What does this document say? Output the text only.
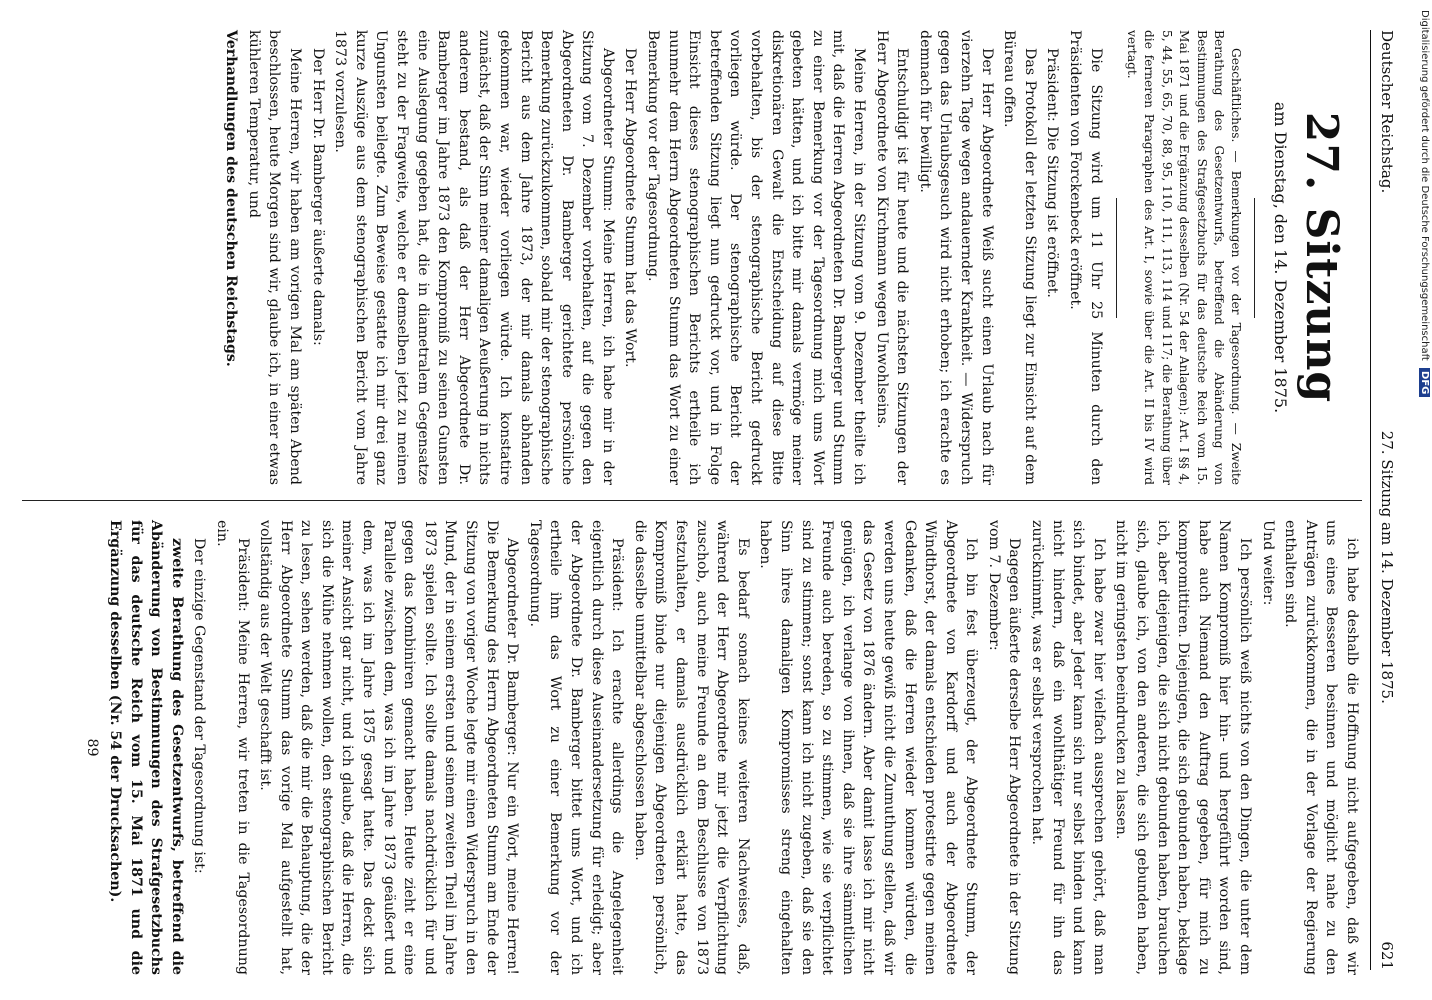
Deutscher Reichstag.
27. Sitzung am 14. Dezember 1875.
621
27. Sitzung
am Dienstag, den 14. Dezember 1875.

Geschäftliches. — Bemerkungen vor der Tagesordnung. — Zweite Berathung des Gesetzentwurfs, betreffend die Abänderung von Bestimmungen des Strafgesetzbuchs für das deutsche Reich vom 15. Mai 1871 und die Ergänzung desselben (Nr. 54 der Anlagen): Art. I §§ 4, 5, 44, 55, 65, 70, 88, 95, 110, 111, 113, 114 und 117; die Berathung über die ferneren Paragraphen des Art. I, sowie über die Art. II bis IV wird vertagt.

Die Sitzung wird um 11 Uhr 25 Minuten durch den Präsidenten von Forckenbeck eröffnet.

Präsident: Die Sitzung ist eröffnet.

Das Protokoll der letzten Sitzung liegt zur Einsicht auf dem Büreau offen.

Der Herr Abgeordnete Weiß sucht einen Urlaub nach für vierzehn Tage wegen andauernder Krankheit. — Widerspruch gegen das Urlaubsgesuch wird nicht erhoben; ich erachte es demnach für bewilligt.

Entschuldigt ist für heute und die nächsten Sitzungen der Herr Abgeordnete von Kirchmann wegen Unwohlseins.

Meine Herren, in der Sitzung vom 9. Dezember theilte ich mit, daß die Herren Abgeordneten Dr. Bamberger und Stumm zu einer Bemerkung vor der Tagesordnung mich ums Wort gebeten hätten, und ich bitte mir damals vermöge meiner diskretionären Gewalt die Entscheidung auf diese Bitte vorbehalten, bis der stenographische Bericht gedruckt vorliegen würde. Der stenographische Bericht der betreffenden Sitzung liegt nun gedruckt vor, und in Folge Einsicht dieses stenographischen Berichts ertheile ich nunmehr dem Herrn Abgeordneten Stumm das Wort zu einer Bemerkung vor der Tagesordnung.

Der Herr Abgeordnete Stumm hat das Wort.

Abgeordneter Stumm: Meine Herren, ich habe mir in der Sitzung vom 7. Dezember vorbehalten, auf die gegen den Abgeordneten Dr. Bamberger gerichtete persönliche Bemerkung zurückzukommen, sobald mir der stenographische Bericht aus dem Jahre 1873, der mir damals abhanden gekommen war, wieder vorliegen würde. Ich konstatire zunächst, daß der Sinn meiner damaligen Aeußerung in nichts anderem bestand, als daß der Herr Abgeordnete Dr. Bamberger im Jahre 1873 den Kompromiß zu seinen Gunsten eine Auslegung gegeben hat, die in diametralem Gegensatze steht zu der Fragweite, welche er demselben jetzt zu meinen Ungunsten beilegte. Zum Beweise gestatte ich mir drei ganz kurze Auszüge aus dem stenographischen Bericht vom Jahre 1873 vorzulesen.

Der Herr Dr. Bamberger äußerte damals:

Meine Herren, wir haben am vorigen Mal am späten Abend beschlossen, heute Morgen sind wir, glaube ich, in einer etwas kühleren Temperatur, und

Verhandlungen des deutschen Reichstags.

ich habe deshalb die Hoffnung nicht aufgegeben, daß wir uns eines Besseren besinnen und möglicht nahe zu den Anträgen zurückkommen, die in der Vorlage der Regierung enthalten sind.

Und weiter:

Ich persönlich weiß nichts von den Dingen, die unter dem Namen Kompromiß hier hin- und hergeführt worden sind, habe auch Niemand den Auftrag gegeben, für mich zu kompromittiren. Diejenigen, die sich gebunden haben, beklage ich, aber diejenigen, die sich nicht gebunden haben, brauchen sich, glaube ich, von den anderen, die sich gebunden haben, nicht im geringsten beeindrucken zu lassen.

Ich habe zwar hier vielfach aussprechen gehört, daß man sich bindet, aber Jeder kann sich nur selbst binden und kann nicht hindern, daß ein wohlthätiger Freund für ihn das zurücknimmt, was er selbst versprochen hat.

Dagegen äußerte derselbe Herr Abgeordnete in der Sitzung vom 7. Dezember:

Ich bin fest überzeugt, der Abgeordnete Stumm, der Abgeordnete von Kardorff und auch der Abgeordnete Windthorst, der damals entschieden protestirte gegen meinen Gedanken, daß die Herren wieder kommen würden, die werden uns heute gewiß nicht die Zumuthung stellen, daß wir das Gesetz von 1876 ändern. Aber damit lasse ich mir nicht genügen, ich verlange von ihnen, daß sie ihre sämmtlichen Freunde auch bereden, so zu stimmen, wie sie verpflichtet sind zu stimmen; sonst kann ich nicht zugeben, daß sie den Sinn ihres damaligen Kompromisses streng eingehalten haben.

Es bedarf sonach keines weiteren Nachweises, daß, während der Herr Abgeordnete mir jetzt die Verpflichtung zuschob, auch meine Freunde an dem Beschlusse von 1873 festzuhalten, er damals ausdrücklich erklärt hatte, das Kompromiß binde nur diejenigen Abgeordneten persönlich, die dasselbe unmittelbar abgeschlossen haben.

Präsident: Ich erachte allerdings die Angelegenheit eigentlich durch diese Auseinandersetzung für erledigt; aber der Abgeordnete Dr. Bamberger bittet ums Wort, und ich ertheile ihm das Wort zu einer Bemerkung vor der Tagesordnung.

Abgeordneter Dr. Bamberger: Nur ein Wort, meine Herren! Die Bemerkung des Herrn Abgeordneten Stumm am Ende der Sitzung von voriger Woche legte mir einen Widerspruch in den Mund, der in seinem ersten und seinem zweiten Theil im Jahre 1873 spielen sollte. Ich sollte damals nachdrücklich für und gegen das Kombiniren gemacht haben. Heute zieht er eine Parallele zwischen dem, was ich im Jahre 1873 geäußert und dem, was ich im Jahre 1875 gesagt hatte. Das deckt sich meiner Ansicht gar nicht, und ich glaube, daß die Herren, die sich die Mühe nehmen wollen, den stenographischen Bericht zu lesen, sehen werden, daß die mir die Behauptung, die der Herr Abgeordnete Stumm das vorige Mal aufgestellt hat, vollständig aus der Welt geschafft ist.

Präsident: Meine Herren, wir treten in die Tagesordnung ein.

Der einzige Gegenstand der Tagesordnung ist:

zweite Berathung des Gesetzentwurfs, betreffend die Abänderung von Bestimmungen des Strafgesetzbuchs für das deutsche Reich vom 15. Mai 1871 und die Ergänzung desselben (Nr. 54 der Drucksachen).

89

Digitalisierung gefördert durch die Deutsche Forschungsgemeinschaft DFG
